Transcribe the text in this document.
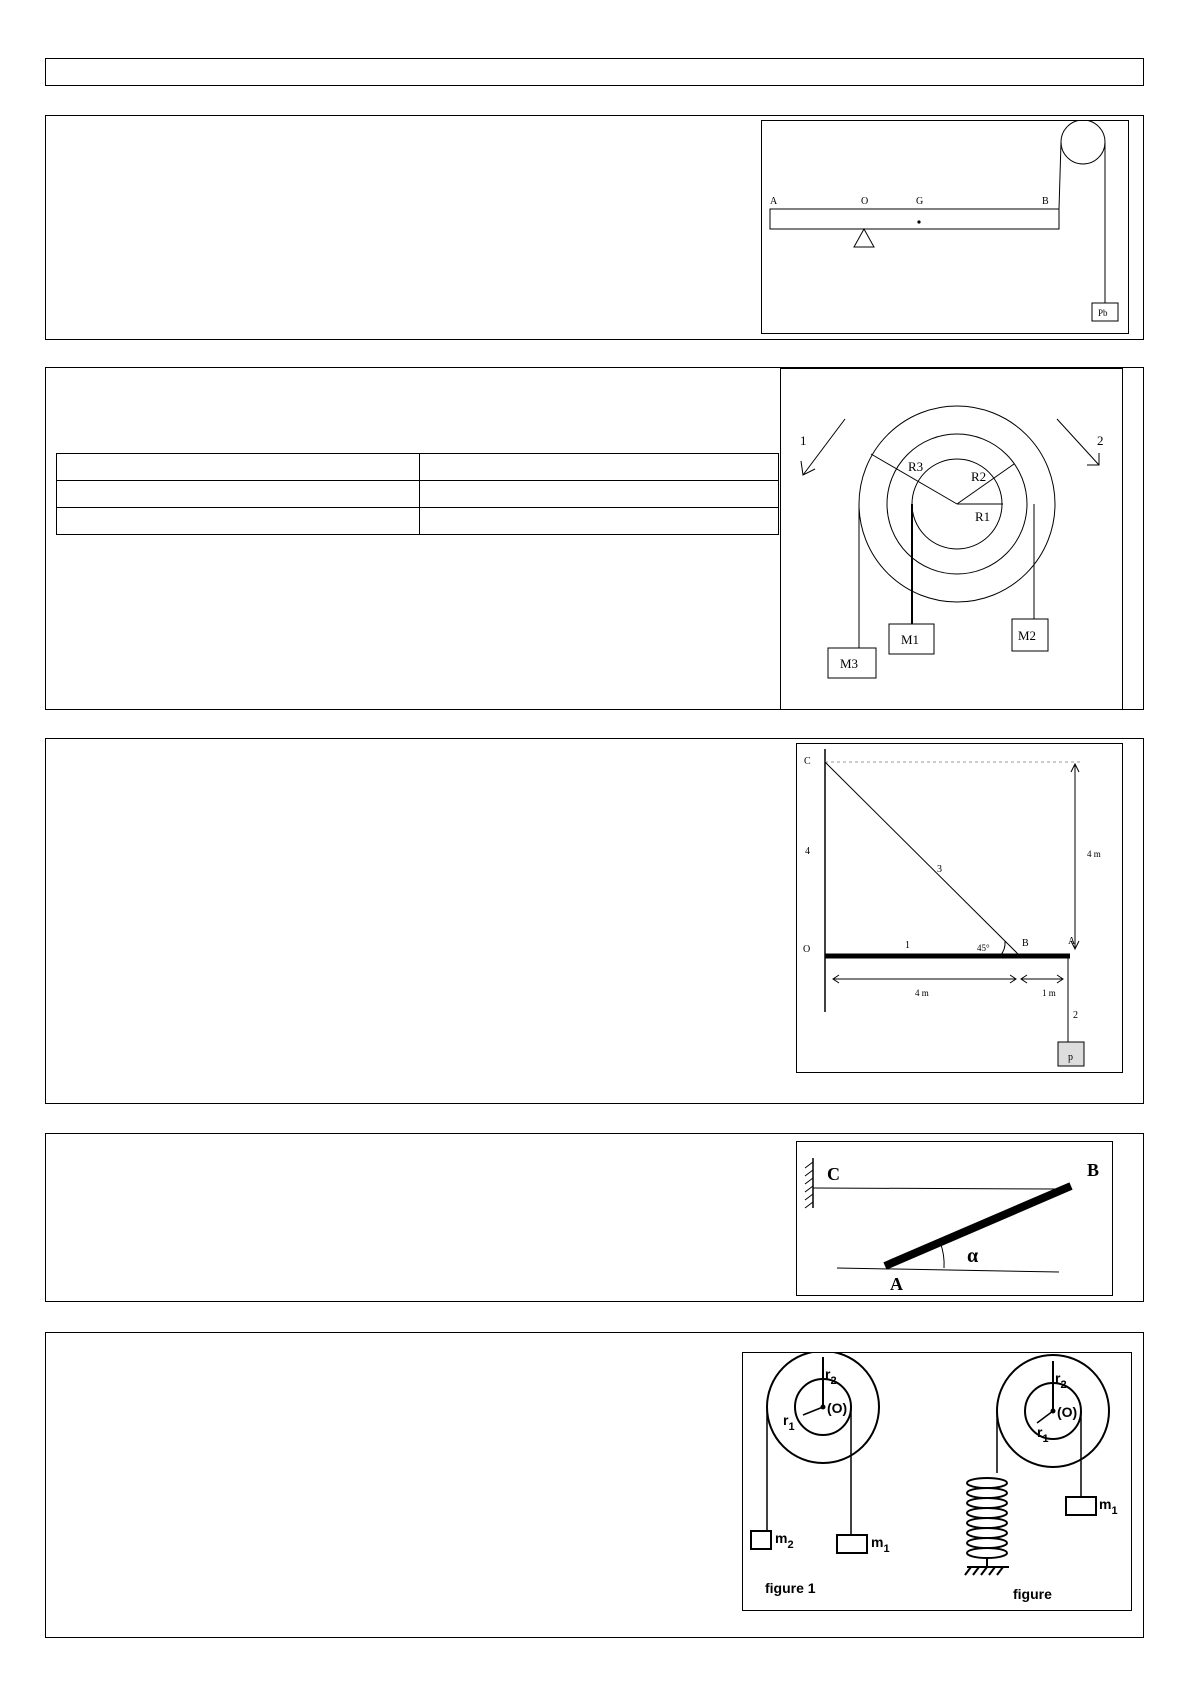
A	O	G	B
Pb

R3
R2
R1
M3
M1	M2
1	2
C
4
O
3
1	45°	B	A
4 m
4 m	1 m
2
p
C	B
A
α
$r_2$
$r_1$
(O)
$m_2$	$m_1$
figure 1
$r_2$
$r_1$
(O)
$m_1$
figure
